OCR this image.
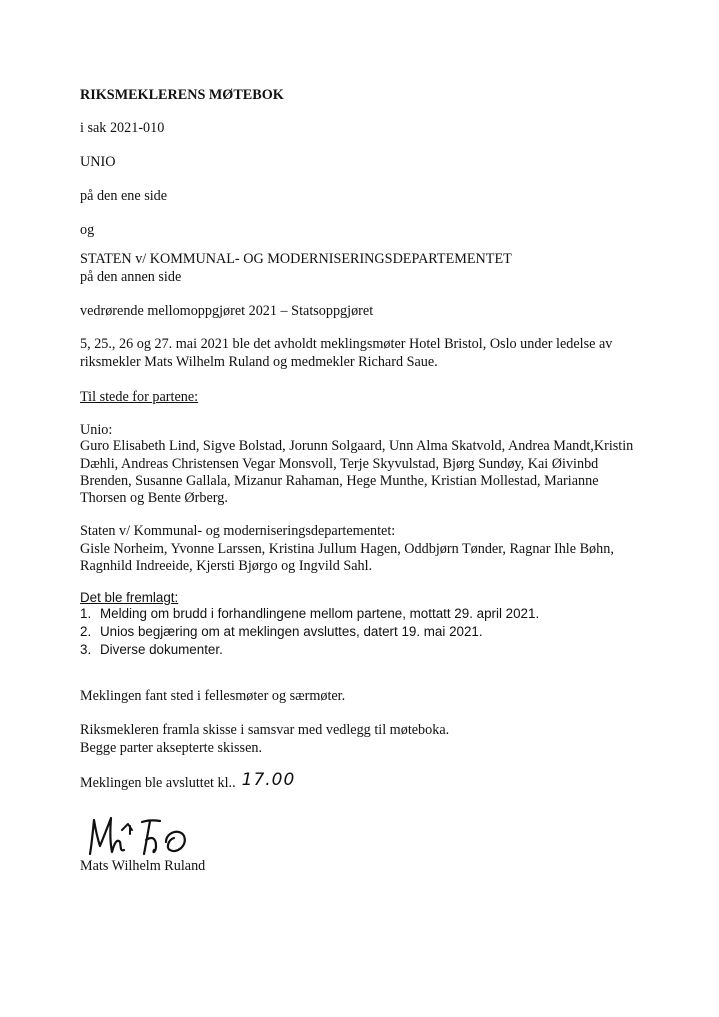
RIKSMEKLERENS MØTEBOK
i sak 2021-010
UNIO
på den ene side
og
STATEN v/ KOMMUNAL- OG MODERNISERINGSDEPARTEMENTET
på den annen side
vedrørende mellomoppgjøret 2021 – Statsoppgjøret
5, 25., 26 og 27. mai 2021 ble det avholdt meklingsmøter Hotel Bristol, Oslo under ledelse av
riksmekler Mats Wilhelm Ruland og medmekler Richard Saue.
Til stede for partene:
Unio:
Guro Elisabeth Lind, Sigve Bolstad, Jorunn Solgaard, Unn Alma Skatvold, Andrea Mandt,Kristin
Dæhli, Andreas Christensen Vegar Monsvoll, Terje Skyvulstad, Bjørg Sundøy, Kai Øivinbd
Brenden, Susanne Gallala, Mizanur Rahaman, Hege Munthe, Kristian Mollestad, Marianne
Thorsen og Bente Ørberg.
Staten v/ Kommunal- og moderniseringsdepartementet:
Gisle Norheim, Yvonne Larssen, Kristina Jullum Hagen, Oddbjørn Tønder, Ragnar Ihle Bøhn,
Ragnhild Indreeide, Kjersti Bjørgo og Ingvild Sahl.
Det ble fremlagt:
1. Melding om brudd i forhandlingene mellom partene, mottatt 29. april 2021.
2. Unios begjæring om at meklingen avsluttes, datert 19. mai 2021.
3. Diverse dokumenter.
Meklingen fant sted i fellesmøter og særmøter.
Riksmekleren framla skisse i samsvar med vedlegg til møteboka.
Begge parter aksepterte skissen.
Meklingen ble avsluttet kl.. 17.00
Mats Wilhelm Ruland
